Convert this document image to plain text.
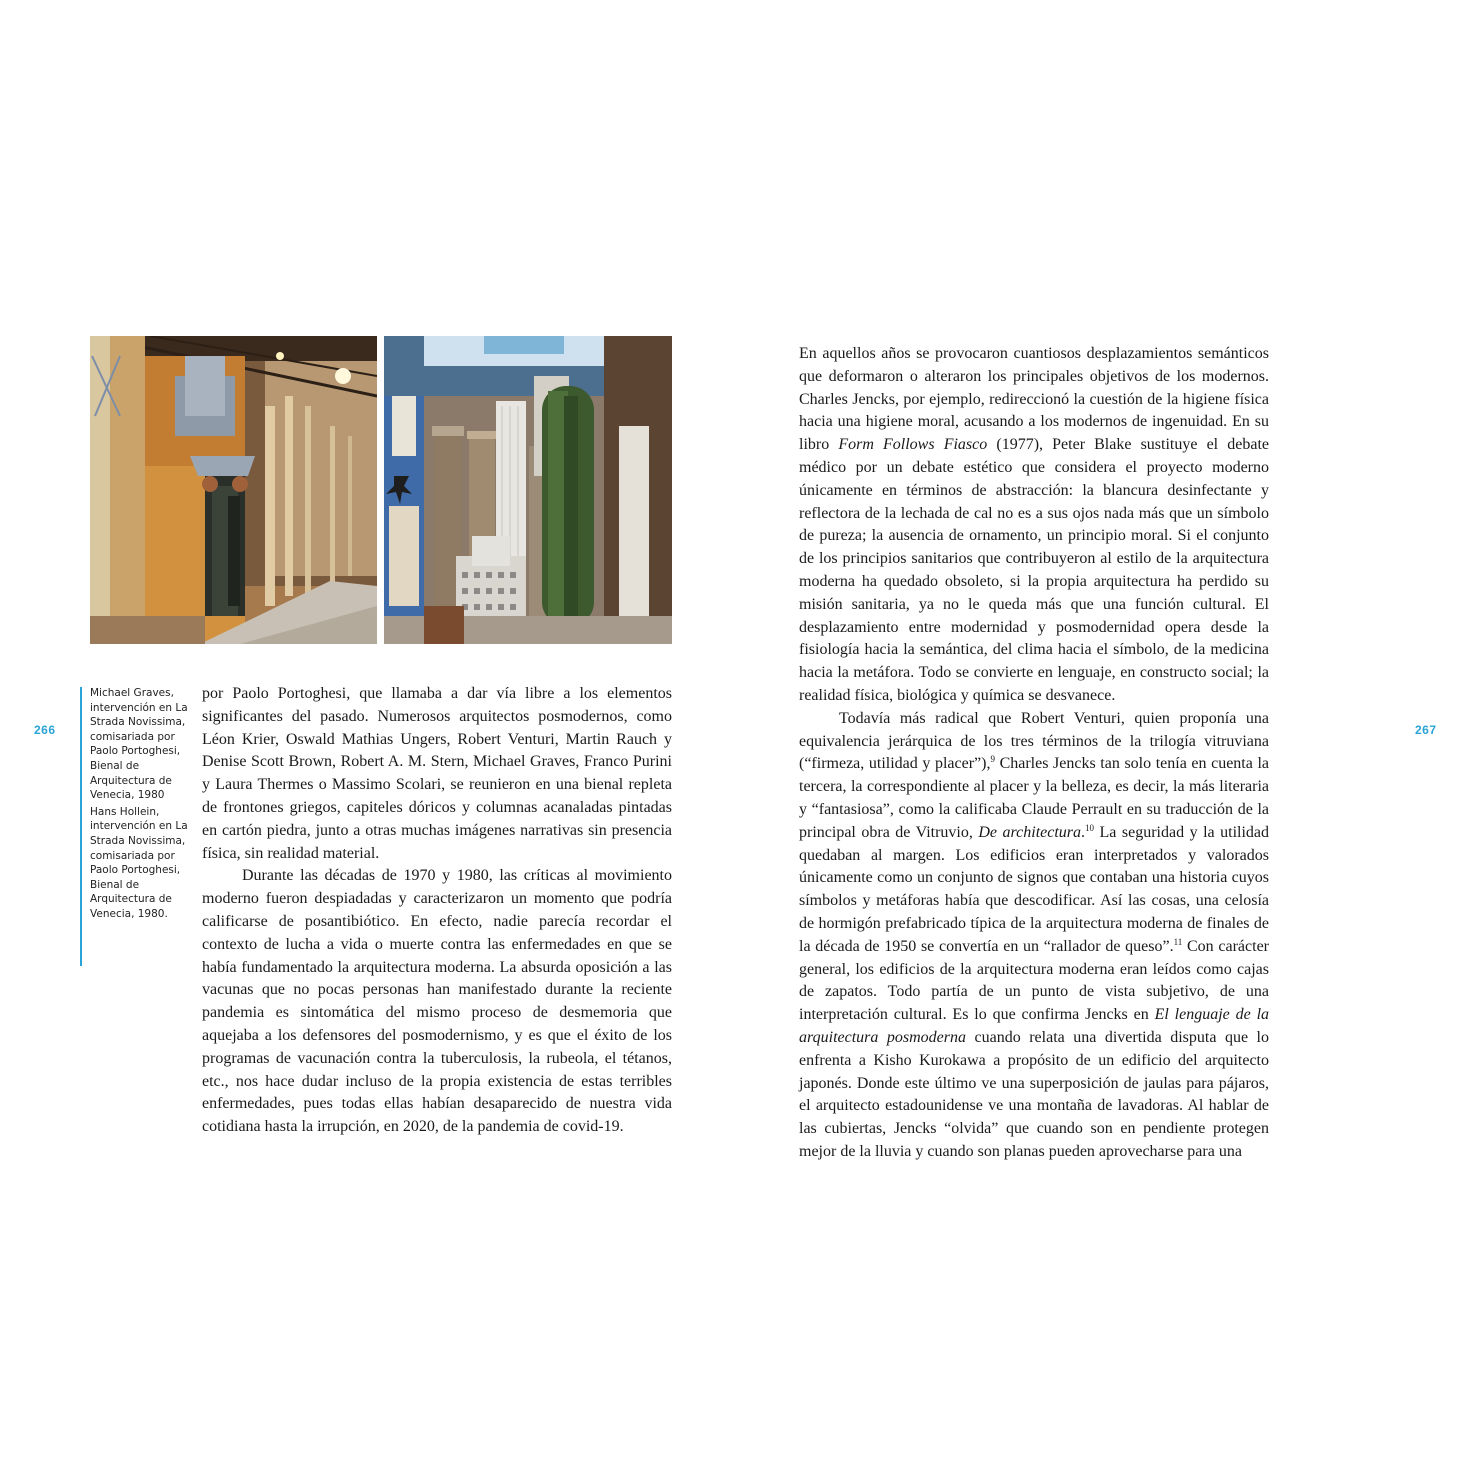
266	267

Michael Graves, intervención en La Strada Novissima, comisariada por Paolo Portoghesi, Bienal de Arquitectura de Venecia, 1980

Hans Hollein, intervención en La Strada Novissima, comisariada por Paolo Portoghesi, Bienal de Arquitectura de Venecia, 1980.

por Paolo Portoghesi, que llamaba a dar vía libre a los elementos significantes del pasado. Numerosos arquitectos posmodernos, como Léon Krier, Oswald Mathias Ungers, Robert Venturi, Martin Rauch y Denise Scott Brown, Robert A. M. Stern, Michael Graves, Franco Purini y Laura Thermes o Massimo Scolari, se reunieron en una bienal repleta de frontones griegos, capiteles dóricos y columnas acanaladas pintadas en cartón piedra, junto a otras muchas imágenes narrativas sin presencia física, sin realidad material.

Durante las décadas de 1970 y 1980, las críticas al movimiento moderno fueron despiadadas y caracterizaron un momento que podría calificarse de posantibiótico. En efecto, nadie parecía recordar el contexto de lucha a vida o muerte contra las enfermedades en que se había fundamentado la arquitectura moderna. La absurda oposición a las vacunas que no pocas personas han manifestado durante la reciente pandemia es sintomática del mismo proceso de desmemoria que aquejaba a los defensores del posmodernismo, y es que el éxito de los programas de vacunación contra la tuberculosis, la rubeola, el tétanos, etc., nos hace dudar incluso de la propia existencia de estas terribles enfermedades, pues todas ellas habían desaparecido de nuestra vida cotidiana hasta la irrupción, en 2020, de la pandemia de covid-19.

En aquellos años se provocaron cuantiosos desplazamientos semánticos que deformaron o alteraron los principales objetivos de los modernos. Charles Jencks, por ejemplo, redireccionó la cuestión de la higiene física hacia una higiene moral, acusando a los modernos de ingenuidad. En su libro Form Follows Fiasco (1977), Peter Blake sustituye el debate médico por un debate estético que considera el proyecto moderno únicamente en términos de abstracción: la blancura desinfectante y reflectora de la lechada de cal no es a sus ojos nada más que un símbolo de pureza; la ausencia de ornamento, un principio moral. Si el conjunto de los principios sanitarios que contribuyeron al estilo de la arquitectura moderna ha quedado obsoleto, si la propia arquitectura ha perdido su misión sanitaria, ya no le queda más que una función cultural. El desplazamiento entre modernidad y posmodernidad opera desde la fisiología hacia la semántica, del clima hacia el símbolo, de la medicina hacia la metáfora. Todo se convierte en lenguaje, en constructo social; la realidad física, biológica y química se desvanece.

Todavía más radical que Robert Venturi, quien proponía una equivalencia jerárquica de los tres términos de la trilogía vitruviana (“firmeza, utilidad y placer”),$^9$ Charles Jencks tan solo tenía en cuenta la tercera, la correspondiente al placer y la belleza, es decir, la más literaria y “fantasiosa”, como la calificaba Claude Perrault en su traducción de la principal obra de Vitruvio, De architectura.$^{10}$ La seguridad y la utilidad quedaban al margen. Los edificios eran interpretados y valorados únicamente como un conjunto de signos que contaban una historia cuyos símbolos y metáforas había que descodificar. Así las cosas, una celosía de hormigón prefabricado típica de la arquitectura moderna de finales de la década de 1950 se convertía en un “rallador de queso”.$^{11}$ Con carácter general, los edificios de la arquitectura moderna eran leídos como cajas de zapatos. Todo partía de un punto de vista subjetivo, de una interpretación cultural. Es lo que confirma Jencks en El lenguaje de la arquitectura posmoderna cuando relata una divertida disputa que lo enfrenta a Kisho Kurokawa a propósito de un edificio del arquitecto japonés. Donde este último ve una superposición de jaulas para pájaros, el arquitecto estadounidense ve una montaña de lavadoras. Al hablar de las cubiertas, Jencks “olvida” que cuando son en pendiente protegen mejor de la lluvia y cuando son planas pueden aprovecharse para una
